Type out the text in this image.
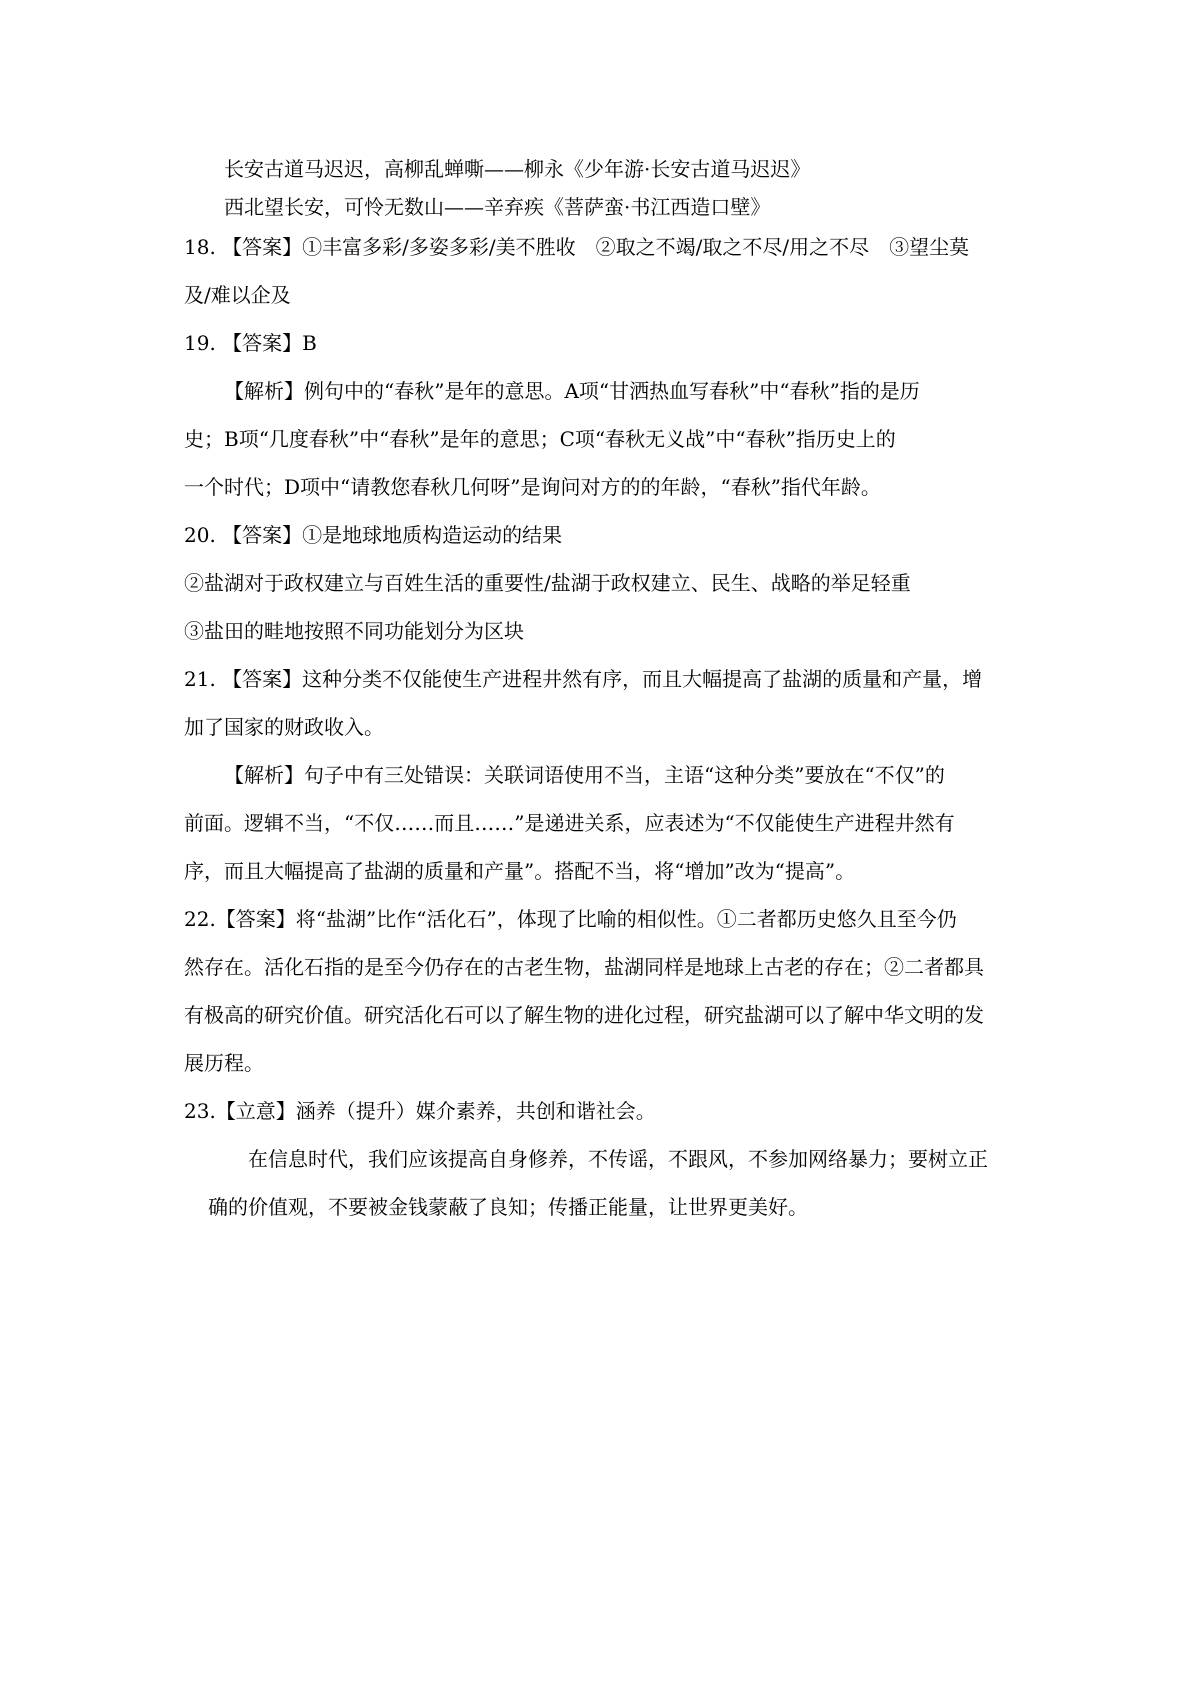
长安古道马迟迟，高柳乱蝉嘶——柳永《少年游·长安古道马迟迟》
西北望长安，可怜无数山——辛弃疾《菩萨蛮·书江西造口壁》
18. 【答案】①丰富多彩/多姿多彩/美不胜收　②取之不竭/取之不尽/用之不尽　③望尘莫
及/难以企及
19. 【答案】B
【解析】例句中的“春秋”是年的意思。A项“甘洒热血写春秋”中“春秋”指的是历
史；B项“几度春秋”中“春秋”是年的意思；C项“春秋无义战”中“春秋”指历史上的
一个时代；D项中“请教您春秋几何呀”是询问对方的的年龄，“春秋”指代年龄。
20. 【答案】①是地球地质构造运动的结果
②盐湖对于政权建立与百姓生活的重要性/盐湖于政权建立、民生、战略的举足轻重
③盐田的畦地按照不同功能划分为区块
21. 【答案】这种分类不仅能使生产进程井然有序，而且大幅提高了盐湖的质量和产量，增
加了国家的财政收入。
【解析】句子中有三处错误：关联词语使用不当，主语“这种分类”要放在“不仅”的
前面。逻辑不当，“不仅……而且……”是递进关系，应表述为“不仅能使生产进程井然有
序，而且大幅提高了盐湖的质量和产量”。搭配不当，将“增加”改为“提高”。
22.【答案】将“盐湖”比作“活化石”，体现了比喻的相似性。①二者都历史悠久且至今仍
然存在。活化石指的是至今仍存在的古老生物，盐湖同样是地球上古老的存在；②二者都具
有极高的研究价值。研究活化石可以了解生物的进化过程，研究盐湖可以了解中华文明的发
展历程。
23.【立意】涵养（提升）媒介素养，共创和谐社会。
在信息时代，我们应该提高自身修养，不传谣，不跟风，不参加网络暴力；要树立正
确的价值观，不要被金钱蒙蔽了良知；传播正能量，让世界更美好。
